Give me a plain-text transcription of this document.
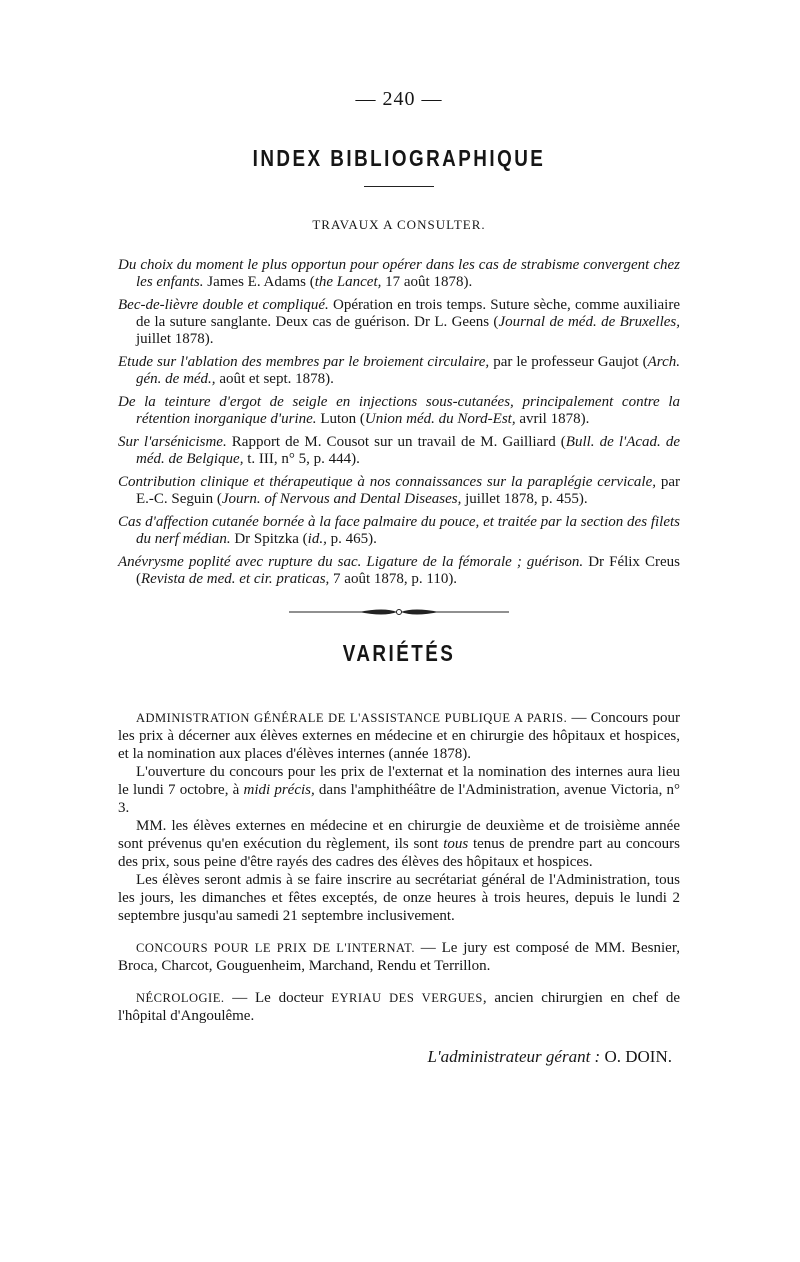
— 240 —
INDEX BIBLIOGRAPHIQUE
TRAVAUX A CONSULTER.
Du choix du moment le plus opportun pour opérer dans les cas de strabisme convergent chez les enfants. James E. Adams (the Lancet, 17 août 1878).
Bec-de-lièvre double et compliqué. Opération en trois temps. Suture sèche, comme auxiliaire de la suture sanglante. Deux cas de guérison. Dr L. Geens (Journal de méd. de Bruxelles, juillet 1878).
Etude sur l'ablation des membres par le broiement circulaire, par le professeur Gaujot (Arch. gén. de méd., août et sept. 1878).
De la teinture d'ergot de seigle en injections sous-cutanées, principalement contre la rétention inorganique d'urine. Luton (Union méd. du Nord-Est, avril 1878).
Sur l'arsénicisme. Rapport de M. Cousot sur un travail de M. Gailliard (Bull. de l'Acad. de méd. de Belgique, t. III, n° 5, p. 444).
Contribution clinique et thérapeutique à nos connaissances sur la paraplégie cervicale, par E.-C. Seguin (Journ. of Nervous and Dental Diseases, juillet 1878, p. 455).
Cas d'affection cutanée bornée à la face palmaire du pouce, et traitée par la section des filets du nerf médian. Dr Spitzka (id., p. 465).
Anévrysme poplité avec rupture du sac. Ligature de la fémorale ; guérison. Dr Félix Creus (Revista de med. et cir. praticas, 7 août 1878, p. 110).
VARIÉTÉS

ADMINISTRATION GÉNÉRALE DE L'ASSISTANCE PUBLIQUE A PARIS. — Concours pour les prix à décerner aux élèves externes en médecine et en chirurgie des hôpitaux et hospices, et la nomination aux places d'élèves internes (année 1878).

L'ouverture du concours pour les prix de l'externat et la nomination des internes aura lieu le lundi 7 octobre, à midi précis, dans l'amphithéâtre de l'Administration, avenue Victoria, n° 3.

MM. les élèves externes en médecine et en chirurgie de deuxième et de troisième année sont prévenus qu'en exécution du règlement, ils sont tous tenus de prendre part au concours des prix, sous peine d'être rayés des cadres des élèves des hôpitaux et hospices.

Les élèves seront admis à se faire inscrire au secrétariat général de l'Administration, tous les jours, les dimanches et fêtes exceptés, de onze heures à trois heures, depuis le lundi 2 septembre jusqu'au samedi 21 septembre inclusivement.

CONCOURS POUR LE PRIX DE L'INTERNAT. — Le jury est composé de MM. Besnier, Broca, Charcot, Gouguenheim, Marchand, Rendu et Terrillon.

NÉCROLOGIE. — Le docteur EYRIAU DES VERGUES, ancien chirurgien en chef de l'hôpital d'Angoulême.

L'administrateur gérant : O. DOIN.
